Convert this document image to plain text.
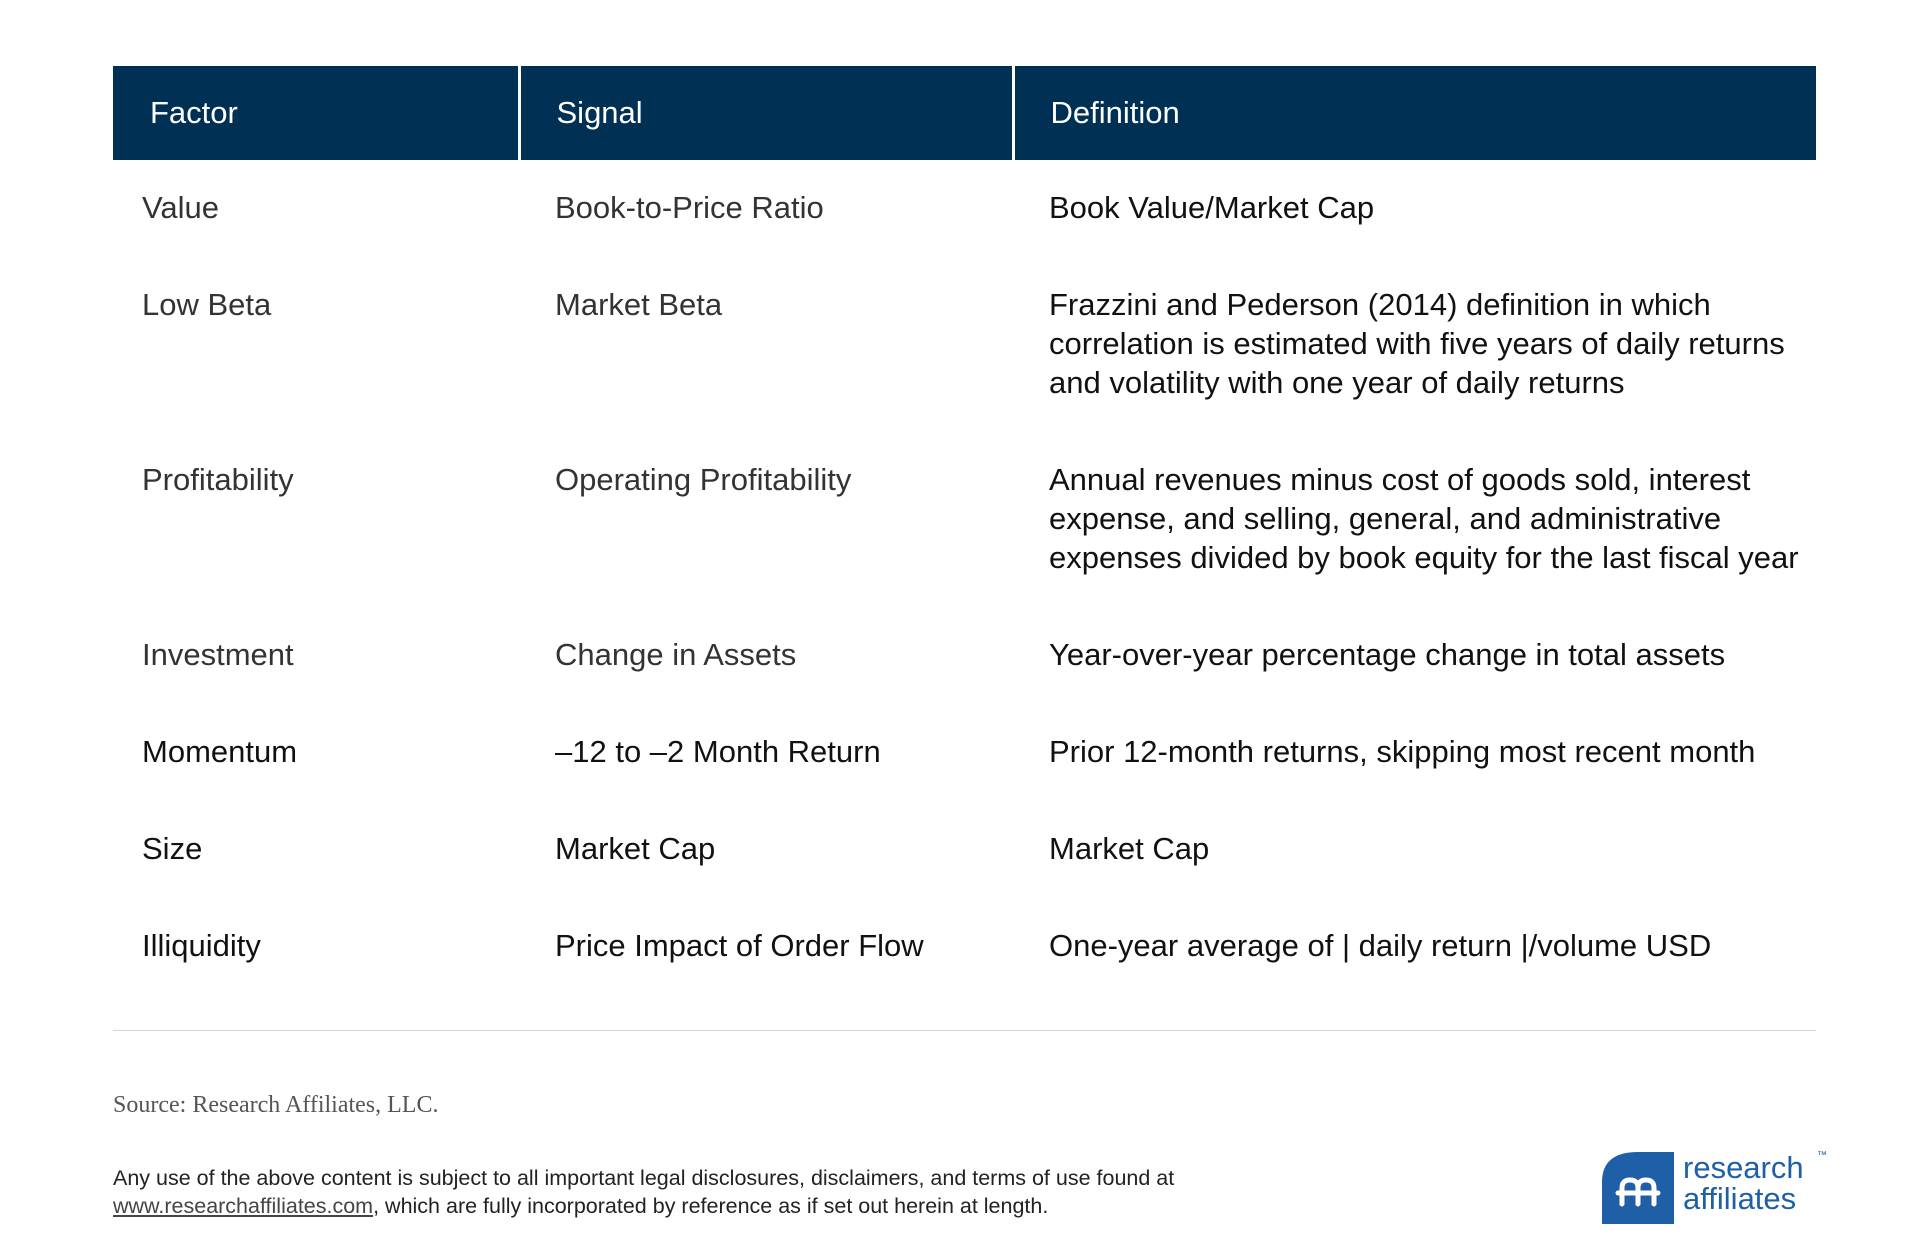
Factor	Signal	Definition
Value	Book-to-Price Ratio	Book Value/Market Cap
Low Beta	Market Beta	Frazzini and Pederson (2014) definition in which correlation is estimated with five years of daily returns and volatility with one year of daily returns
Profitability	Operating Profitability	Annual revenues minus cost of goods sold, interest expense, and selling, general, and administrative expenses divided by book equity for the last fiscal year
Investment	Change in Assets	Year-over-year percentage change in total assets
Momentum	–12 to –2 Month Return	Prior 12-month returns, skipping most recent month
Size	Market Cap	Market Cap
Illiquidity	Price Impact of Order Flow	One-year average of | daily return |/volume USD
Source: Research Affiliates, LLC.
Any use of the above content is subject to all important legal disclosures, disclaimers, and terms of use found at
www.researchaffiliates.com, which are fully incorporated by reference as if set out herein at length.
research
affiliates
™
